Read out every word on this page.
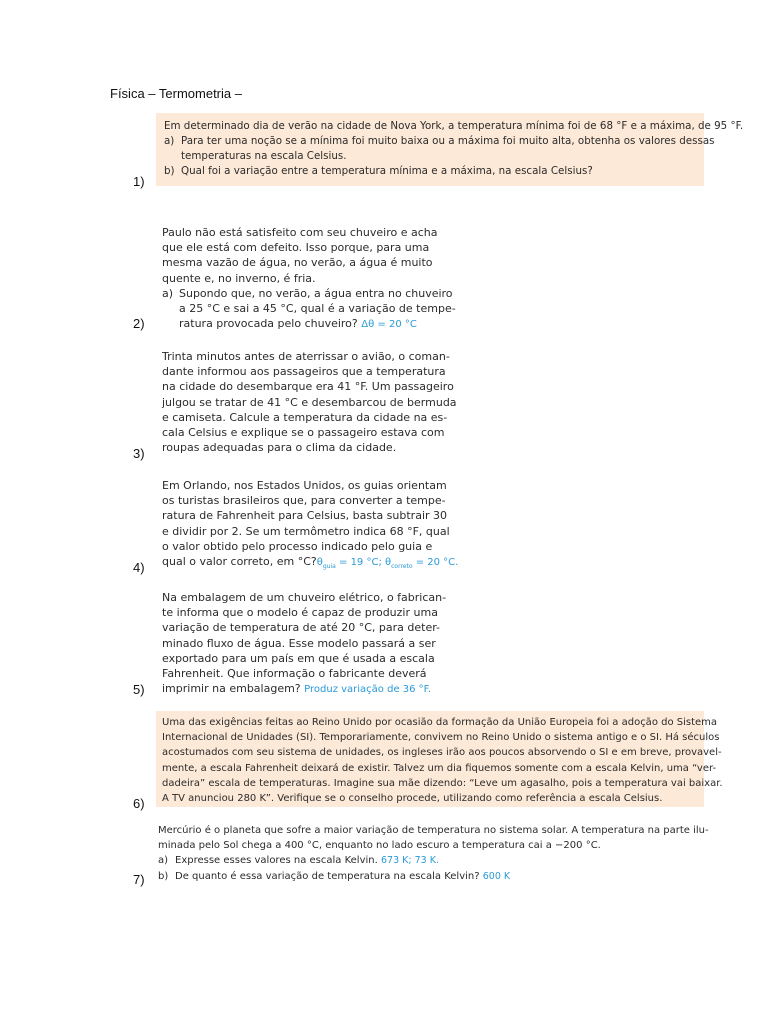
Física – Termometria –
1)
2)
3)
4)
5)
6)
7)

Em determinado dia de verão na cidade de Nova York, a temperatura mínima foi de 68 °F e a máxima, de 95 °F.

a) Para ter uma noção se a mínima foi muito baixa ou a máxima foi muito alta, obtenha os valores dessas

temperaturas na escala Celsius.

b) Qual foi a variação entre a temperatura mínima e a máxima, na escala Celsius?

Paulo não está satisfeito com seu chuveiro e acha

que ele está com defeito. Isso porque, para uma

mesma vazão de água, no verão, a água é muito

quente e, no inverno, é fria.

a) Supondo que, no verão, a água entra no chuveiro

a 25 °C e sai a 45 °C, qual é a variação de tempe-

ratura provocada pelo chuveiro? Δθ = 20 °C

Trinta minutos antes de aterrissar o avião, o coman-

dante informou aos passageiros que a temperatura

na cidade do desembarque era 41 °F. Um passageiro

julgou se tratar de 41 °C e desembarcou de bermuda

e camiseta. Calcule a temperatura da cidade na es-

cala Celsius e explique se o passageiro estava com

roupas adequadas para o clima da cidade.

Em Orlando, nos Estados Unidos, os guias orientam

os turistas brasileiros que, para converter a tempe-

ratura de Fahrenheit para Celsius, basta subtrair 30

e dividir por 2. Se um termômetro indica 68 °F, qual

o valor obtido pelo processo indicado pelo guia e

qual o valor correto, em $^\circ C?\theta_{guia} = 19$ °C; $\theta_{correto} = 20$ °C.

Na embalagem de um chuveiro elétrico, o fabrican-

te informa que o modelo é capaz de produzir uma

variação de temperatura de até 20 °C, para deter-

minado fluxo de água. Esse modelo passará a ser

exportado para um país em que é usada a escala

Fahrenheit. Que informação o fabricante deverá

imprimir na embalagem? Produz variação de 36 °F.

Uma das exigências feitas ao Reino Unido por ocasião da formação da União Europeia foi a adoção do Sistema

Internacional de Unidades (SI). Temporariamente, convivem no Reino Unido o sistema antigo e o SI. Há séculos

acostumados com seu sistema de unidades, os ingleses irão aos poucos absorvendo o SI e em breve, provavel-

mente, a escala Fahrenheit deixará de existir. Talvez um dia fiquemos somente com a escala Kelvin, uma “ver-

dadeira” escala de temperaturas. Imagine sua mãe dizendo: “Leve um agasalho, pois a temperatura vai baixar.

A TV anunciou 280 K”. Verifique se o conselho procede, utilizando como referência a escala Celsius.

Mercúrio é o planeta que sofre a maior variação de temperatura no sistema solar. A temperatura na parte ilu-

minada pelo Sol chega a 400 °C, enquanto no lado escuro a temperatura cai a −200 °C.

a) Expresse esses valores na escala Kelvin. 673 K; 73 K.

b) De quanto é essa variação de temperatura na escala Kelvin? 600 K
